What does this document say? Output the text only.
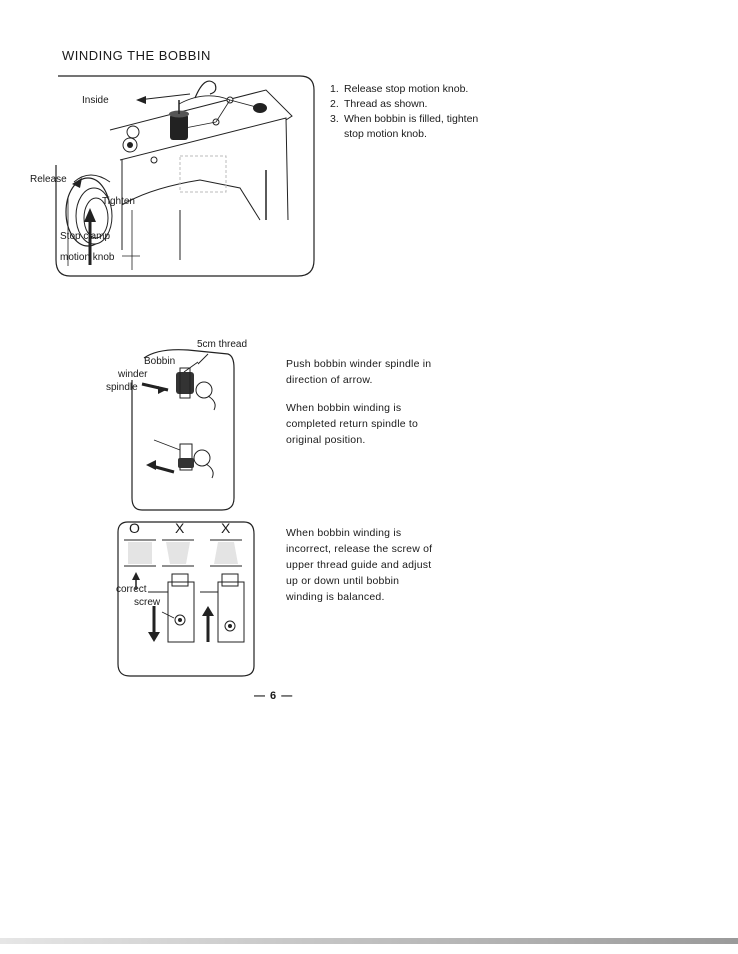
WINDING THE BOBBIN
Inside
Release
Tighten
Stop clamp
motion knob
1. Release stop motion knob.
2. Thread as shown.
3. When bobbin is filled, tighten stop motion knob.
5cm thread
Bobbin
winder
spindle
Push bobbin winder spindle in direction of arrow.
When bobbin winding is completed return spindle to original position.
O	X	X
correct
screw
When bobbin winding is incorrect, release the screw of upper thread guide and adjust up or down until bobbin winding is balanced.
— 6 —
